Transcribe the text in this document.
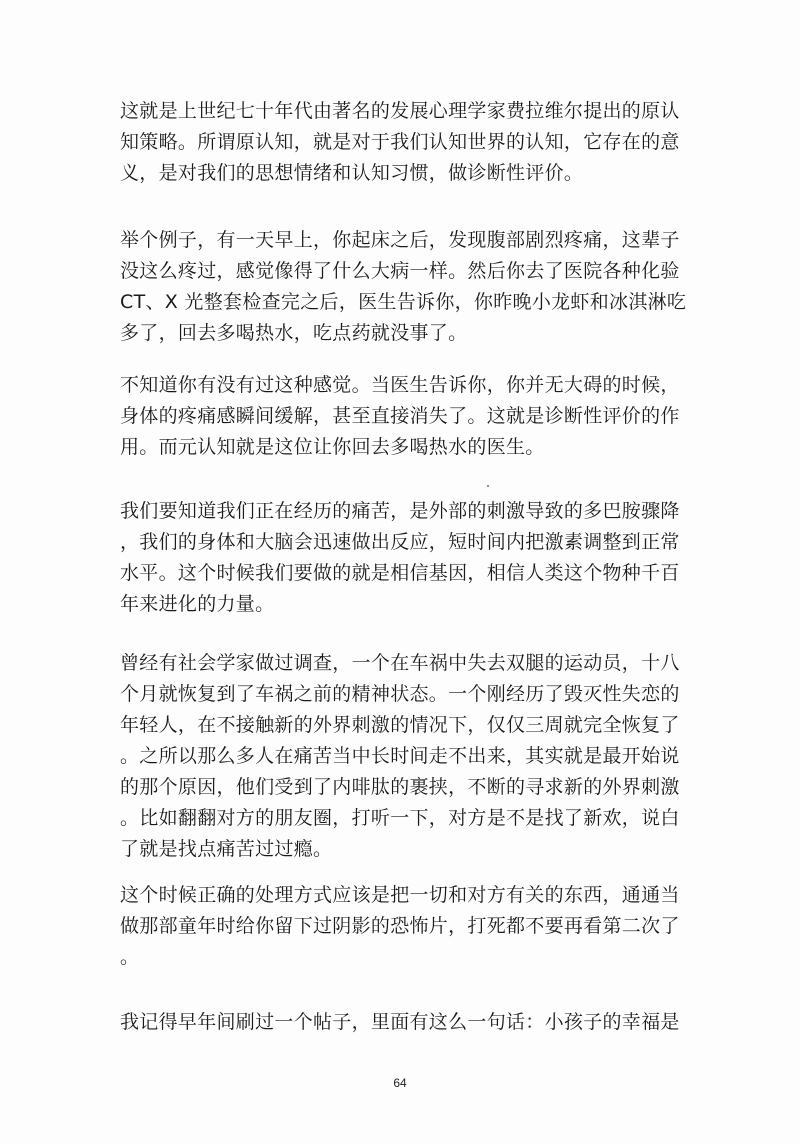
这就是上世纪七十年代由著名的发展心理学家费拉维尔提出的原认
知策略。所谓原认知，就是对于我们认知世界的认知，它存在的意
义，是对我们的思想情绪和认知习惯，做诊断性评价。

举个例子，有一天早上，你起床之后，发现腹部剧烈疼痛，这辈子
没这么疼过，感觉像得了什么大病一样。然后你去了医院各种化验
CT、X 光整套检查完之后，医生告诉你，你昨晚小龙虾和冰淇淋吃
多了，回去多喝热水，吃点药就没事了。

不知道你有没有过这种感觉。当医生告诉你，你并无大碍的时候，
身体的疼痛感瞬间缓解，甚至直接消失了。这就是诊断性评价的作
用。而元认知就是这位让你回去多喝热水的医生。

我们要知道我们正在经历的痛苦，是外部的刺激导致的多巴胺骤降
，我们的身体和大脑会迅速做出反应，短时间内把激素调整到正常
水平。这个时候我们要做的就是相信基因，相信人类这个物种千百
年来进化的力量。

曾经有社会学家做过调查，一个在车祸中失去双腿的运动员，十八
个月就恢复到了车祸之前的精神状态。一个刚经历了毁灭性失恋的
年轻人，在不接触新的外界刺激的情况下，仅仅三周就完全恢复了
。之所以那么多人在痛苦当中长时间走不出来，其实就是最开始说
的那个原因，他们受到了内啡肽的裹挟，不断的寻求新的外界刺激
。比如翻翻对方的朋友圈，打听一下，对方是不是找了新欢，说白
了就是找点痛苦过过瘾。

这个时候正确的处理方式应该是把一切和对方有关的东西，通通当
做那部童年时给你留下过阴影的恐怖片，打死都不要再看第二次了
。

我记得早年间刷过一个帖子，里面有这么一句话：小孩子的幸福是

64
